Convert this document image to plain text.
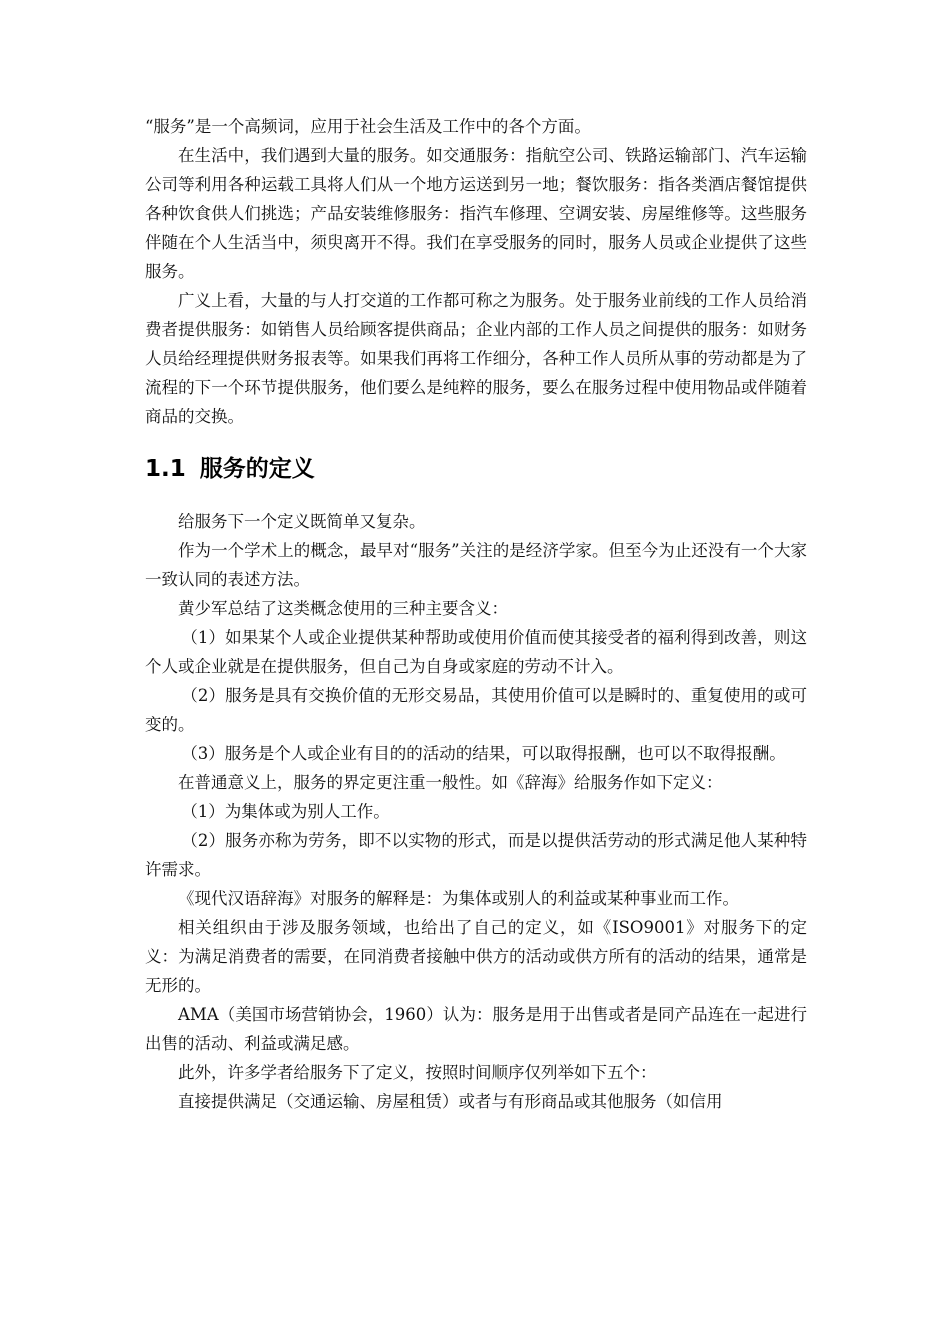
“服务”是一个高频词，应用于社会生活及工作中的各个方面。

在生活中，我们遇到大量的服务。如交通服务：指航空公司、铁路运输部门、汽车运输公司等利用各种运载工具将人们从一个地方运送到另一地；餐饮服务：指各类酒店餐馆提供各种饮食供人们挑选；产品安装维修服务：指汽车修理、空调安装、房屋维修等。这些服务伴随在个人生活当中，须臾离开不得。我们在享受服务的同时，服务人员或企业提供了这些服务。

广义上看，大量的与人打交道的工作都可称之为服务。处于服务业前线的工作人员给消费者提供服务：如销售人员给顾客提供商品；企业内部的工作人员之间提供的服务：如财务人员给经理提供财务报表等。如果我们再将工作细分，各种工作人员所从事的劳动都是为了流程的下一个环节提供服务，他们要么是纯粹的服务，要么在服务过程中使用物品或伴随着商品的交换。

1.1 服务的定义

给服务下一个定义既简单又复杂。

作为一个学术上的概念，最早对“服务”关注的是经济学家。但至今为止还没有一个大家一致认同的表述方法。

黄少军总结了这类概念使用的三种主要含义：

（1）如果某个人或企业提供某种帮助或使用价值而使其接受者的福利得到改善，则这个人或企业就是在提供服务，但自己为自身或家庭的劳动不计入。

（2）服务是具有交换价值的无形交易品，其使用价值可以是瞬时的、重复使用的或可变的。

（3）服务是个人或企业有目的的活动的结果，可以取得报酬，也可以不取得报酬。

在普通意义上，服务的界定更注重一般性。如《辞海》给服务作如下定义：

（1）为集体或为别人工作。

（2）服务亦称为劳务，即不以实物的形式，而是以提供活劳动的形式满足他人某种特许需求。

《现代汉语辞海》对服务的解释是：为集体或别人的利益或某种事业而工作。

相关组织由于涉及服务领域，也给出了自己的定义，如《ISO9001》对服务下的定义：为满足消费者的需要，在同消费者接触中供方的活动或供方所有的活动的结果，通常是无形的。

AMA（美国市场营销协会，1960）认为：服务是用于出售或者是同产品连在一起进行出售的活动、利益或满足感。

此外，许多学者给服务下了定义，按照时间顺序仅列举如下五个：

直接提供满足（交通运输、房屋租赁）或者与有形商品或其他服务（如信用
